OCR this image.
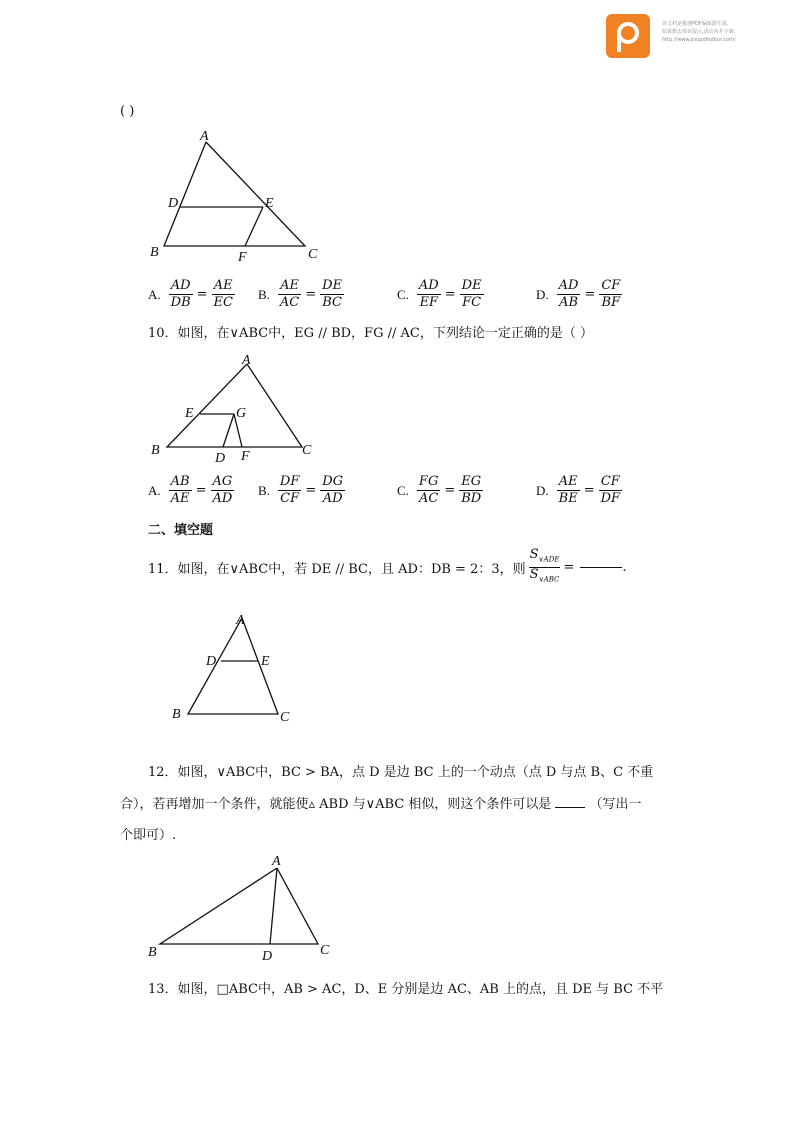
该文档是极速PDF编辑器生成,
如果想去掉该提示,请访问并下载:
http://www.jisupdfeditor.com/
( )
A
D	E
B	F	C
A. $\frac{AD}{DB} = \frac{AE}{EC} B$. $\frac{AE}{AC} = \frac{DE}{BC}$	C. $\frac{AD}{EF} = \frac{DE}{FC}$	D. $\frac{AD}{AB} = \frac{CF}{BF}$
10．如图，在∨ABC中，EG // BD，FG // AC，下列结论一定正确的是（ ）
A
E	G
B
D F	C
A. $\frac{AB}{AE} = \frac{AG}{AD} B$. $\frac{DF}{CF} = \frac{DG}{AD}$	C. $\frac{FG}{AC} = \frac{EG}{BD}$	D. $\frac{AE}{BE} = \frac{CF}{DF}$
二、填空题
11．如图，在∨ABC中，若 DE // BC，且 AD：DB = 2：3，则 $\frac{S_{\vee ADE}}{S_{\vee ABC}}$ =	.
A
D	E
B	C
12．如图，∨ABC中，BC > BA，点 D 是边 BC 上的一个动点（点 D 与点 B、C 不重
合），若再增加一个条件，就能使▵ ABD 与∨ABC 相似，则这个条件可以是	（写出一
个即可）.
A
B	D	C
13．如图，□ABC中，AB > AC，D、E 分别是边 AC、AB 上的点，且 DE 与 BC 不平
